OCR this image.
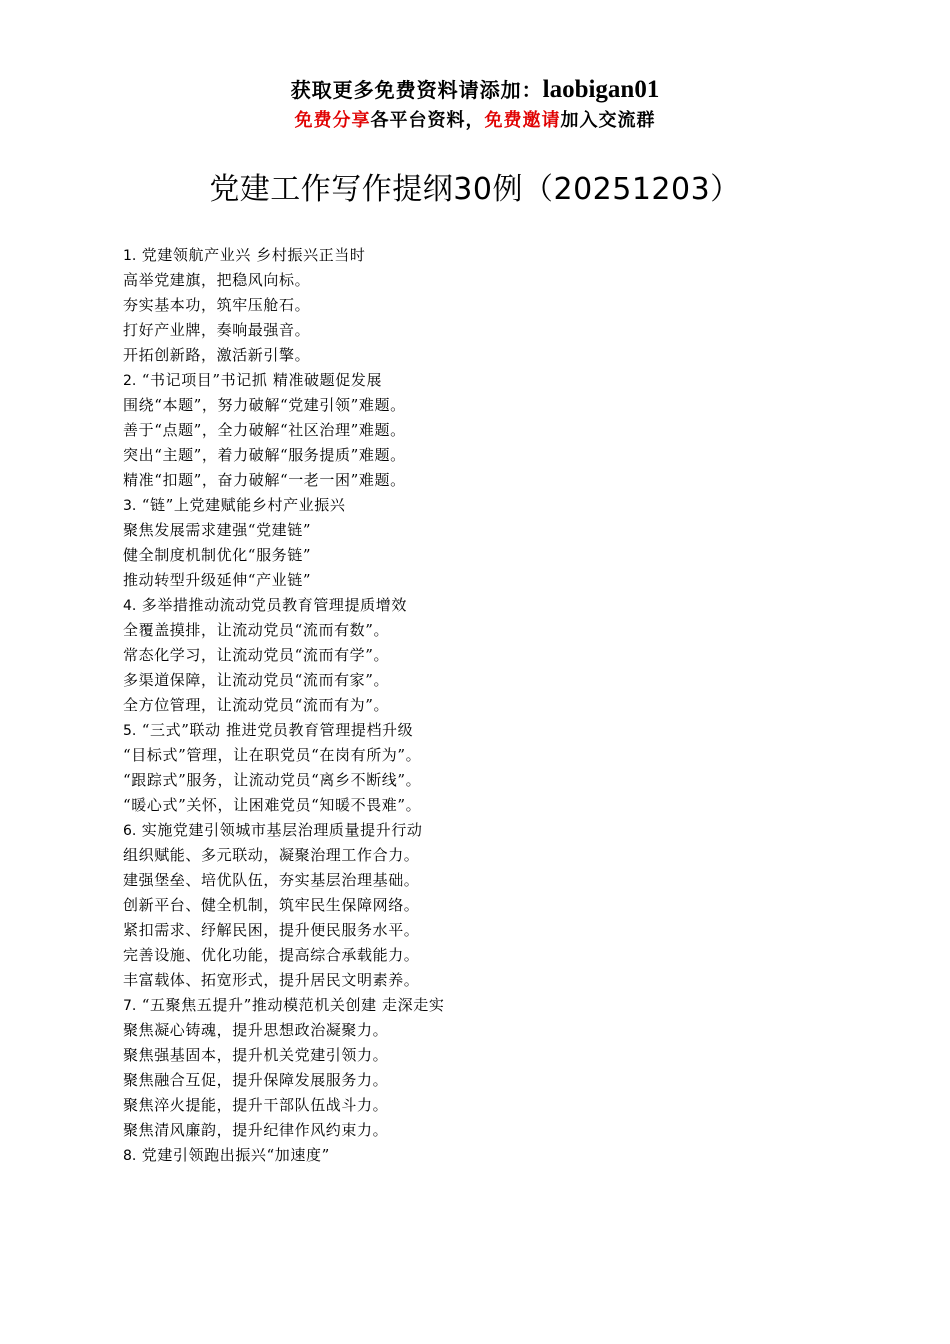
获取更多免费资料请添加：laobigan01
免费分享各平台资料，免费邀请加入交流群
党建工作写作提纲30例（20251203）
1. 党建领航产业兴 乡村振兴正当时
高举党建旗，把稳风向标。
夯实基本功，筑牢压舱石。
打好产业牌，奏响最强音。
开拓创新路，激活新引擎。
2. “书记项目”书记抓 精准破题促发展
围绕“本题”，努力破解“党建引领”难题。
善于“点题”，全力破解“社区治理”难题。
突出“主题”，着力破解“服务提质”难题。
精准“扣题”，奋力破解“一老一困”难题。
3. “链”上党建赋能乡村产业振兴
聚焦发展需求建强“党建链”
健全制度机制优化“服务链”
推动转型升级延伸“产业链”
4. 多举措推动流动党员教育管理提质增效
全覆盖摸排，让流动党员“流而有数”。
常态化学习，让流动党员“流而有学”。
多渠道保障，让流动党员“流而有家”。
全方位管理，让流动党员“流而有为”。
5. “三式”联动 推进党员教育管理提档升级
“目标式”管理，让在职党员“在岗有所为”。
“跟踪式”服务，让流动党员“离乡不断线”。
“暖心式”关怀，让困难党员“知暖不畏难”。
6. 实施党建引领城市基层治理质量提升行动
组织赋能、多元联动，凝聚治理工作合力。
建强堡垒、培优队伍，夯实基层治理基础。
创新平台、健全机制，筑牢民生保障网络。
紧扣需求、纾解民困，提升便民服务水平。
完善设施、优化功能，提高综合承载能力。
丰富载体、拓宽形式，提升居民文明素养。
7. “五聚焦五提升”推动模范机关创建 走深走实
聚焦凝心铸魂，提升思想政治凝聚力。
聚焦强基固本，提升机关党建引领力。
聚焦融合互促，提升保障发展服务力。
聚焦淬火提能，提升干部队伍战斗力。
聚焦清风廉韵，提升纪律作风约束力。
8. 党建引领跑出振兴“加速度”
